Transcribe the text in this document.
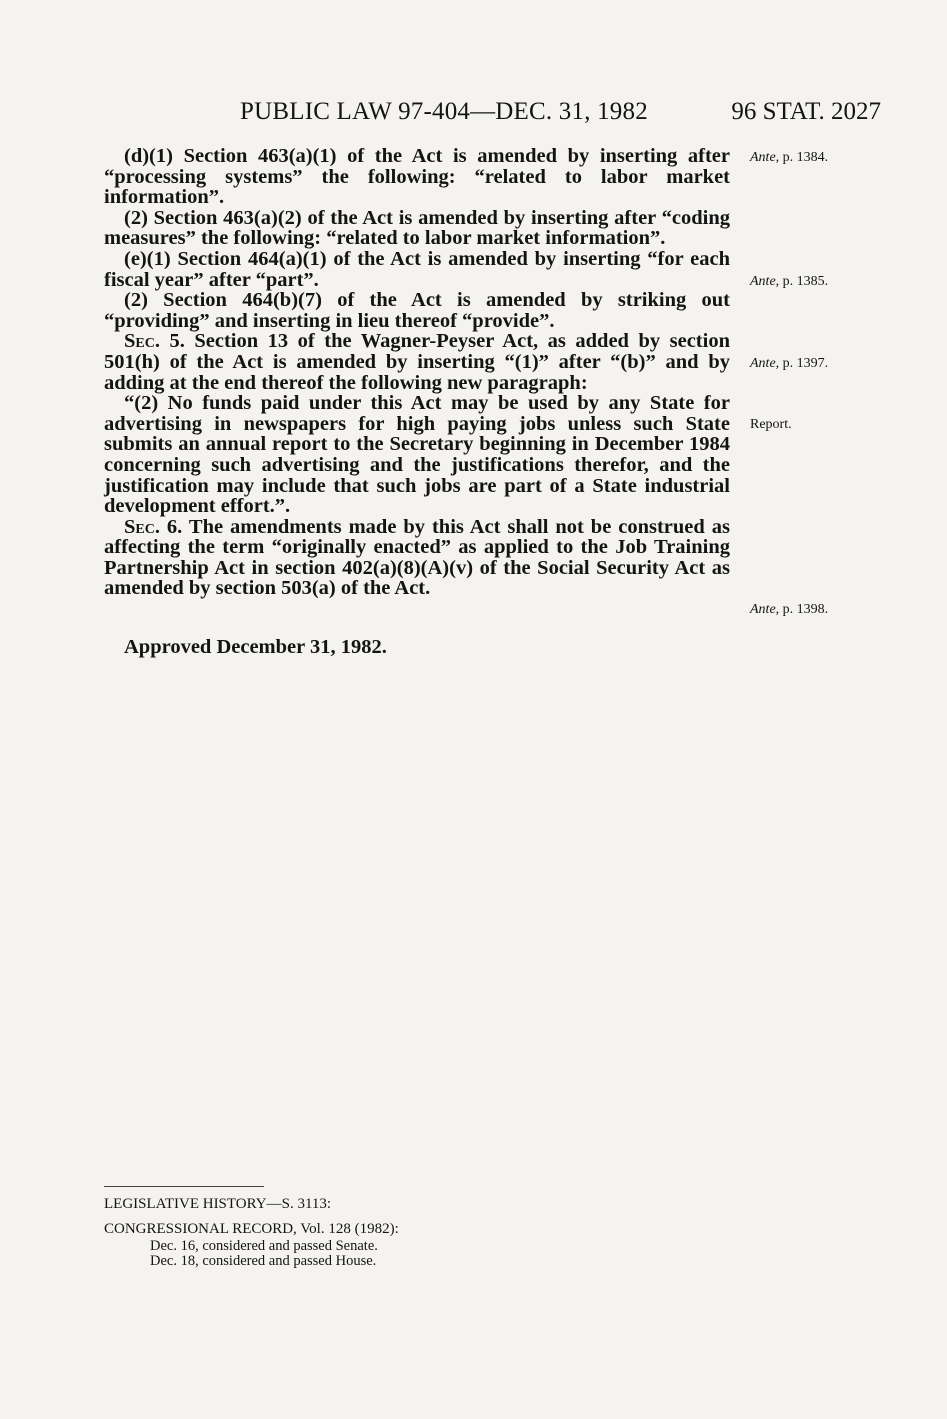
PUBLIC LAW 97-404—DEC. 31, 1982	96 STAT. 2027

(d)(1) Section 463(a)(1) of the Act is amended by inserting after “processing systems” the following: “related to labor market information”.

(2) Section 463(a)(2) of the Act is amended by inserting after “coding measures” the following: “related to labor market information”.

(e)(1) Section 464(a)(1) of the Act is amended by inserting “for each fiscal year” after “part”.

(2) Section 464(b)(7) of the Act is amended by striking out “providing” and inserting in lieu thereof “provide”.

Sec. 5. Section 13 of the Wagner-Peyser Act, as added by section 501(h) of the Act is amended by inserting “(1)” after “(b)” and by adding at the end thereof the following new paragraph:

“(2) No funds paid under this Act may be used by any State for advertising in newspapers for high paying jobs unless such State submits an annual report to the Secretary beginning in December 1984 concerning such advertising and the justifications therefor, and the justification may include that such jobs are part of a State industrial development effort.”.

Sec. 6. The amendments made by this Act shall not be construed as affecting the term “originally enacted” as applied to the Job Training Partnership Act in section 402(a)(8)(A)(v) of the Social Security Act as amended by section 503(a) of the Act.

Approved December 31, 1982.
Ante, p. 1384.
Ante, p. 1385.
Ante, p. 1397.
Report.
Ante, p. 1398.
LEGISLATIVE HISTORY—S. 3113:
CONGRESSIONAL RECORD, Vol. 128 (1982):
Dec. 16, considered and passed Senate.
Dec. 18, considered and passed House.
